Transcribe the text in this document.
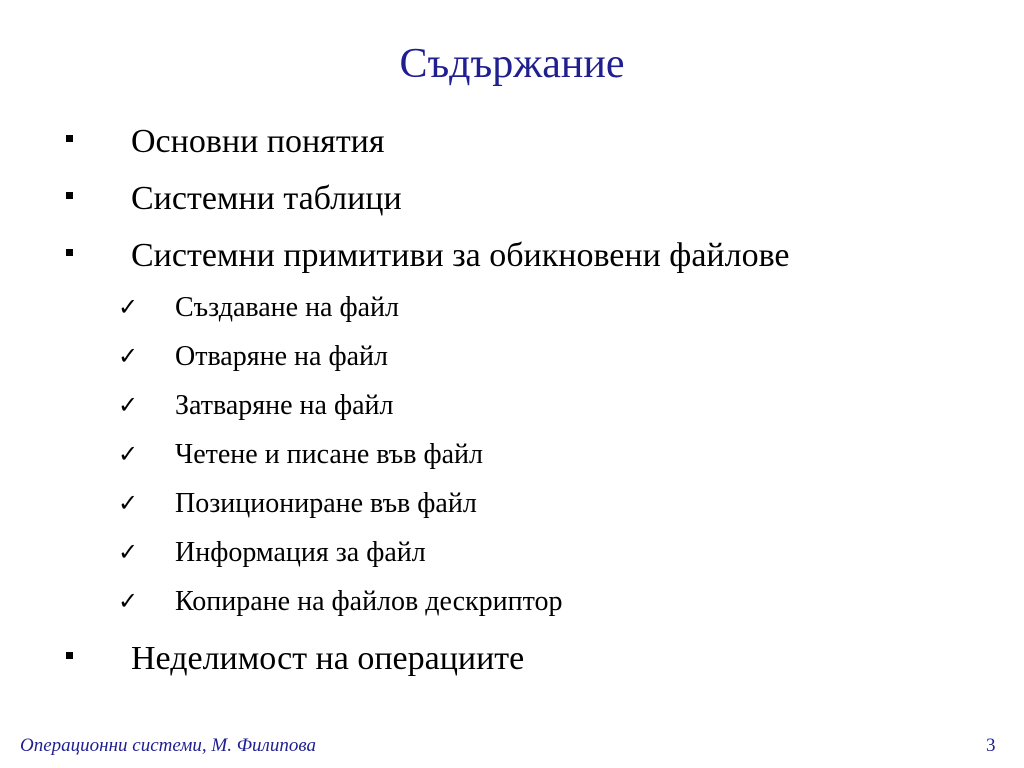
Съдържание
Основни понятия
Системни таблици
Системни примитиви за обикновени файлове
✓ Създаване на файл
✓ Отваряне на файл
✓ Затваряне на файл
✓ Четене и писане във файл
✓ Позициониране във файл
✓ Информация за файл
✓ Копиране на файлов дескриптор
Неделимост на операциите
Операционни системи, М. Филипова	3
